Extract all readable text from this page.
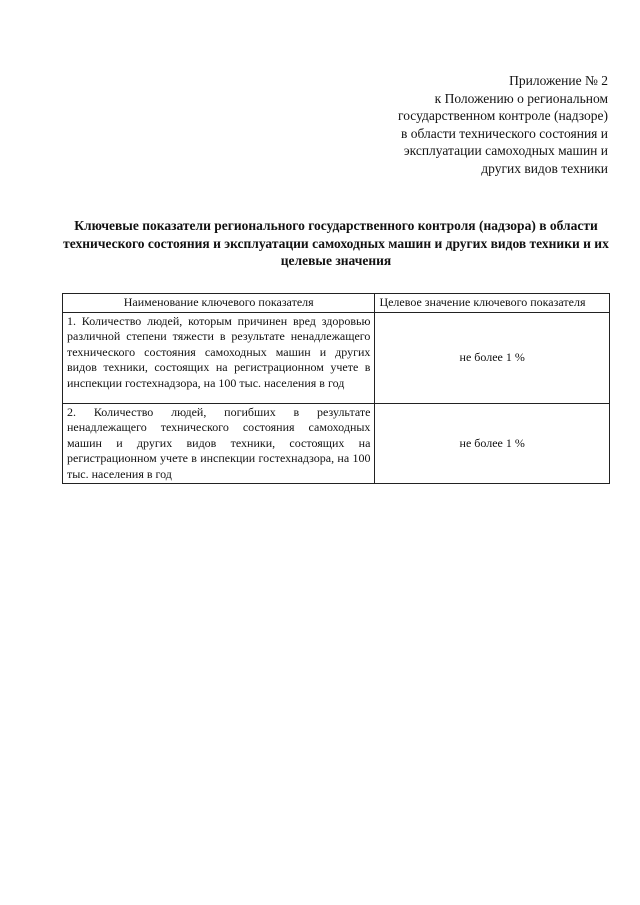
Приложение № 2
к Положению о региональном
государственном контроле (надзоре)
в области технического состояния и
эксплуатации самоходных машин и
других видов техники
Ключевые показатели регионального государственного контроля (надзора) в области технического состояния и эксплуатации самоходных машин и других видов техники и их целевые значения
Наименование ключевого показателя	Целевое значение ключевого показателя
1. Количество людей, которым причинен вред здоровью различной степени тяжести в результате ненадлежащего технического состояния самоходных машин и других видов техники, состоящих на регистрационном учете в инспекции гостехнадзора, на 100 тыс. населения в год	не более 1 %
2. Количество людей, погибших в результате ненадлежащего технического состояния самоходных машин и других видов техники, состоящих на регистрационном учете в инспекции гостехнадзора, на 100 тыс. населения в год	не более 1 %
